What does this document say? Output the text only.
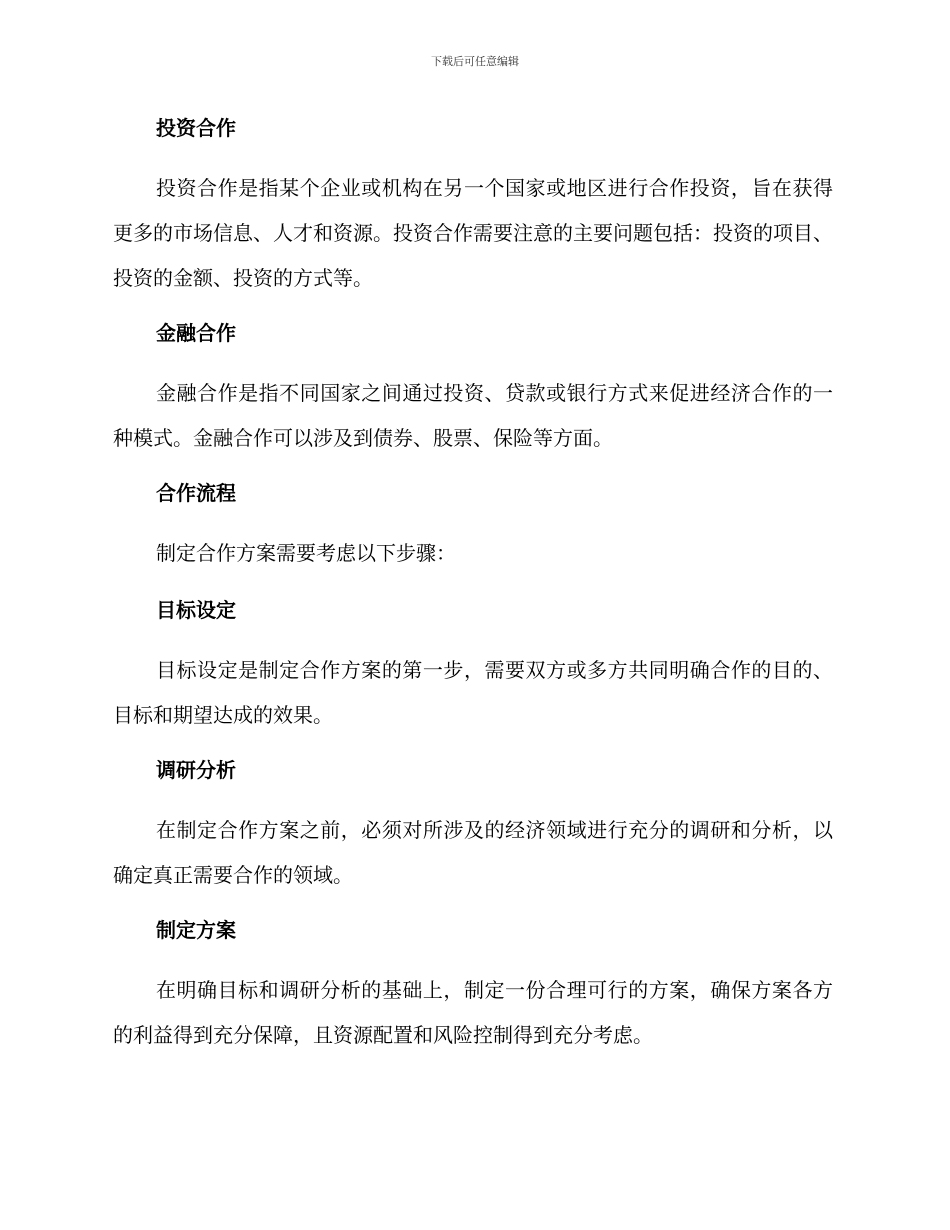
下载后可任意编辑
投资合作

投资合作是指某个企业或机构在另一个国家或地区进行合作投资，旨在获得更多的市场信息、人才和资源。投资合作需要注意的主要问题包括：投资的项目、投资的金额、投资的方式等。

金融合作

金融合作是指不同国家之间通过投资、贷款或银行方式来促进经济合作的一种模式。金融合作可以涉及到债券、股票、保险等方面。

合作流程

制定合作方案需要考虑以下步骤：

目标设定

目标设定是制定合作方案的第一步，需要双方或多方共同明确合作的目的、目标和期望达成的效果。

调研分析

在制定合作方案之前，必须对所涉及的经济领域进行充分的调研和分析，以确定真正需要合作的领域。

制定方案

在明确目标和调研分析的基础上，制定一份合理可行的方案，确保方案各方的利益得到充分保障，且资源配置和风险控制得到充分考虑。
